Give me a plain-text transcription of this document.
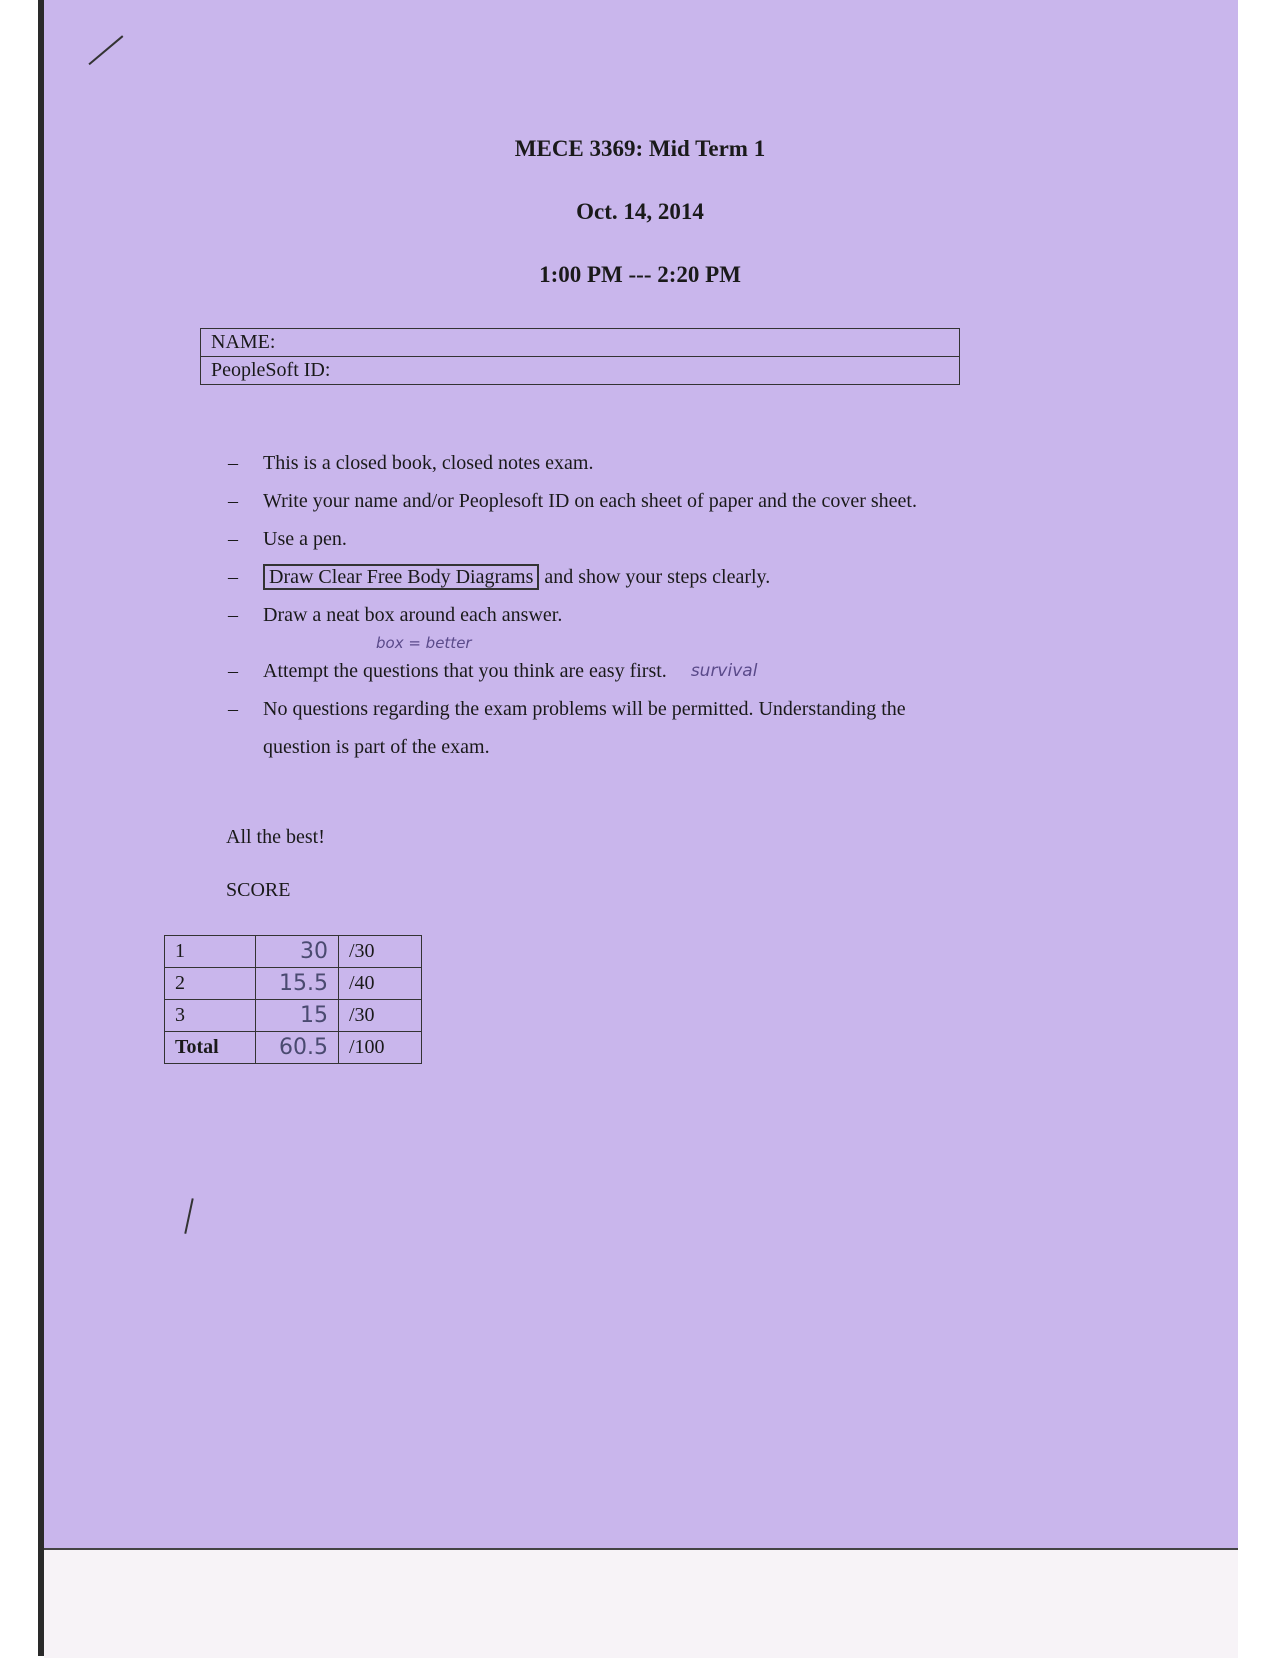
MECE 3369: Mid Term 1
Oct. 14, 2014
1:00 PM --- 2:20 PM
NAME:
PeopleSoft ID:
–	This is a closed book, closed notes exam.
–	Write your name and/or Peoplesoft ID on each sheet of paper and the cover sheet.
–	Use a pen.
–	Draw Clear Free Body Diagrams and show your steps clearly.
–	Draw a neat box around each answer.
box = better
–	Attempt the questions that you think are easy first. survival
–	No questions regarding the exam problems will be permitted. Understanding the
question is part of the exam.
All the best!
SCORE
1	30	/30
2	15.5	/40
3	15	/30
Total	60.5	/100
